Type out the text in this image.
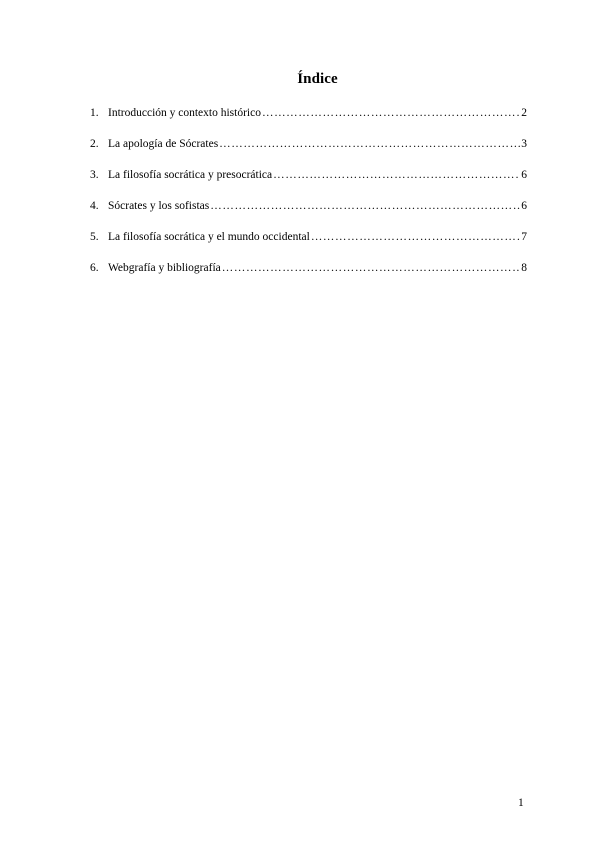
Índice
1. Introducción y contexto histórico ………………………………………………………………………………………………………………………………………………………………	2
2. La apología de Sócrates ………………………………………………………………………………………………………………………………………………………………	3
3. La filosofía socrática y presocrática ………………………………………………………………………………………………………………………………………………………………	6
4. Sócrates y los sofistas ………………………………………………………………………………………………………………………………………………………………	6
5. La filosofía socrática y el mundo occidental ………………………………………………………………………………………………………………………………………………………………	7
6. Webgrafía y bibliografía ………………………………………………………………………………………………………………………………………………………………	8
1
